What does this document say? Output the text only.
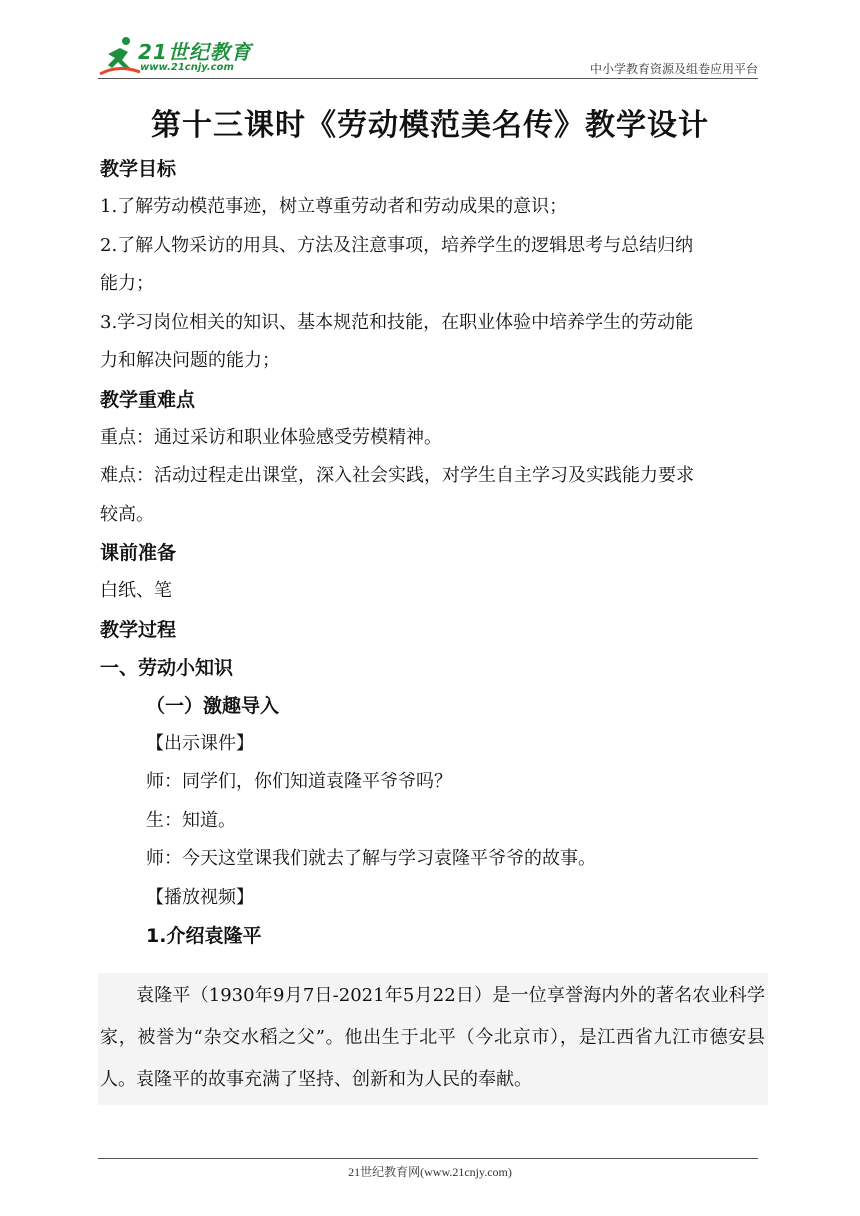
21世纪教育
www.21cnjy.com	中小学教育资源及组卷应用平台
第十三课时《劳动模范美名传》教学设计

教学目标

1.了解劳动模范事迹，树立尊重劳动者和劳动成果的意识；

2.了解人物采访的用具、方法及注意事项，培养学生的逻辑思考与总结归纳

能力；

3.学习岗位相关的知识、基本规范和技能，在职业体验中培养学生的劳动能

力和解决问题的能力；

教学重难点

重点：通过采访和职业体验感受劳模精神。

难点：活动过程走出课堂，深入社会实践，对学生自主学习及实践能力要求

较高。

课前准备

白纸、笔

教学过程

一、劳动小知识

（一）激趣导入

【出示课件】

师：同学们，你们知道袁隆平爷爷吗？

生：知道。

师：今天这堂课我们就去了解与学习袁隆平爷爷的故事。

【播放视频】

1.介绍袁隆平

袁隆平（1930年9月7日-2021年5月22日）是一位享誉海内外的著名农业科学家，被誉为“杂交水稻之父”。他出生于北平（今北京市），是江西省九江市德安县人。袁隆平的故事充满了坚持、创新和为人民的奉献。

21世纪教育网(www.21cnjy.com)
